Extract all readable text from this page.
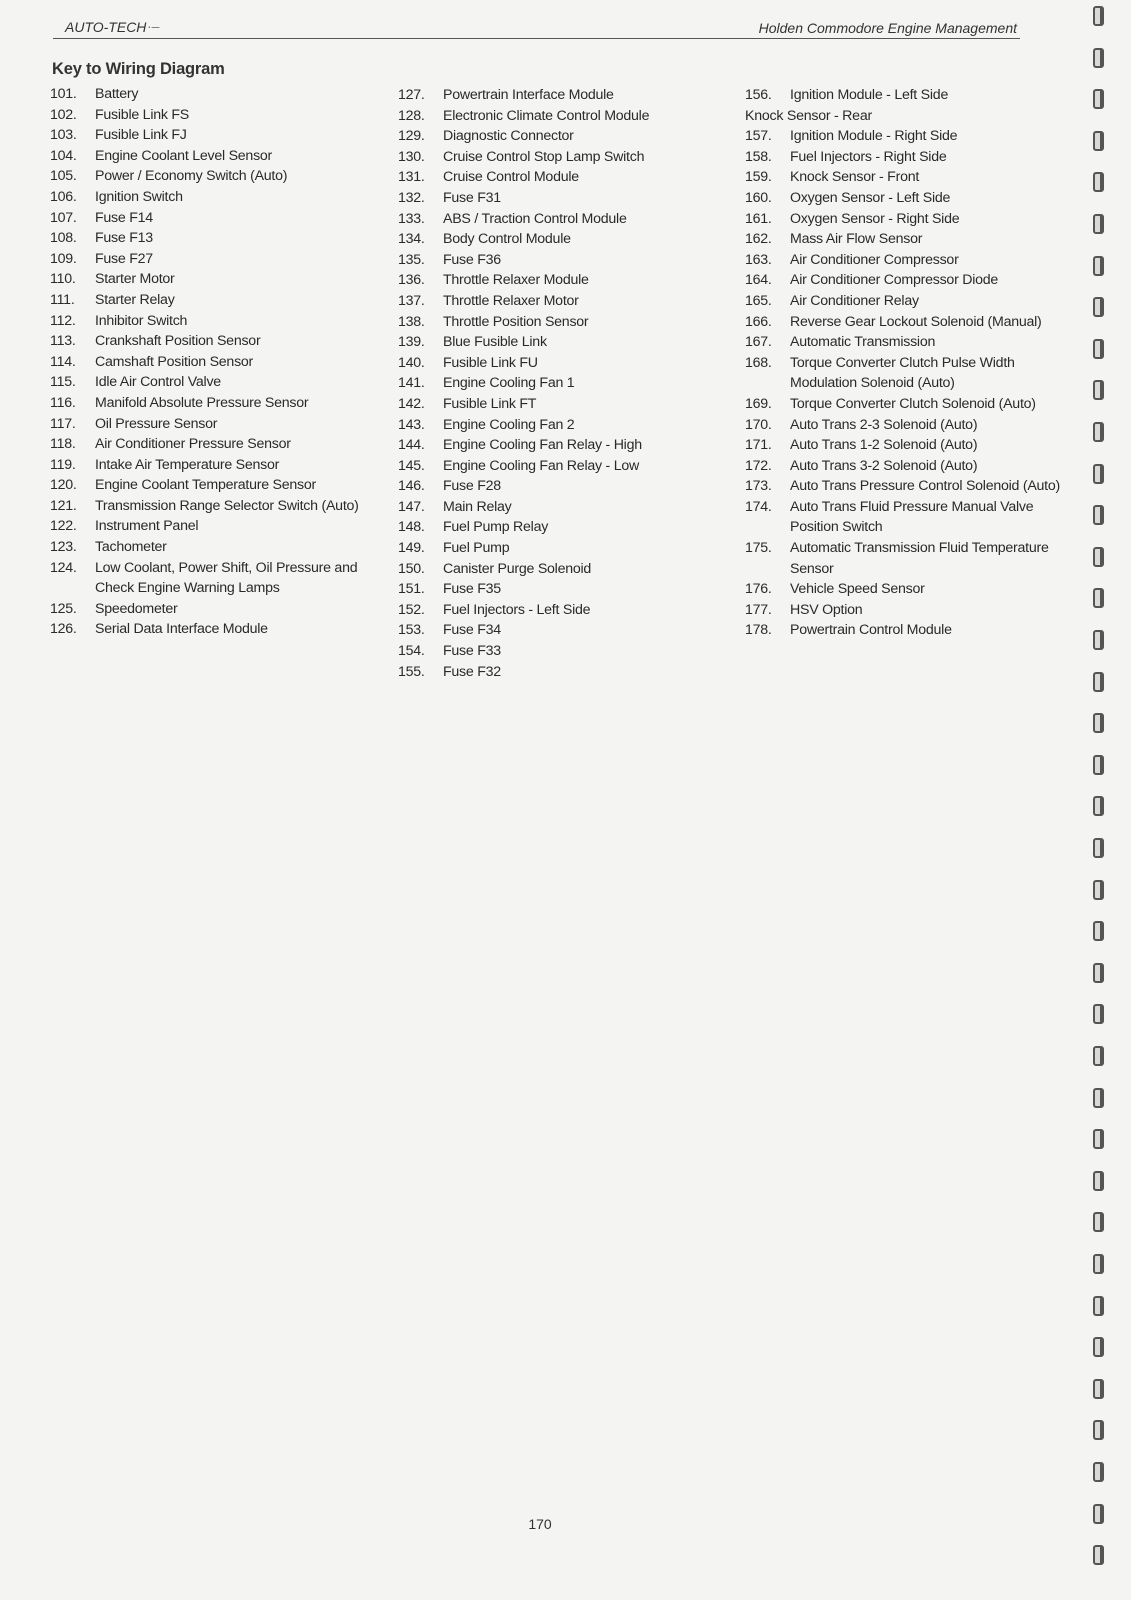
AUTO-TECH ·–	Holden Commodore Engine Management
Key to Wiring Diagram
101.	Battery
102.	Fusible Link FS
103.	Fusible Link FJ
104.	Engine Coolant Level Sensor
105.	Power / Economy Switch (Auto)
106.	Ignition Switch
107.	Fuse F14
108.	Fuse F13
109.	Fuse F27
110.	Starter Motor
111.	Starter Relay
112.	Inhibitor Switch
113.	Crankshaft Position Sensor
114.	Camshaft Position Sensor
115.	Idle Air Control Valve
116.	Manifold Absolute Pressure Sensor
117.	Oil Pressure Sensor
118.	Air Conditioner Pressure Sensor
119.	Intake Air Temperature Sensor
120.	Engine Coolant Temperature Sensor
121.	Transmission Range Selector Switch (Auto)
122.	Instrument Panel
123.	Tachometer
124.	Low Coolant, Power Shift, Oil Pressure and Check Engine Warning Lamps
125.	Speedometer
126.	Serial Data Interface Module
127.	Powertrain Interface Module
128.	Electronic Climate Control Module
129.	Diagnostic Connector
130.	Cruise Control Stop Lamp Switch
131.	Cruise Control Module
132.	Fuse F31
133.	ABS / Traction Control Module
134.	Body Control Module
135.	Fuse F36
136.	Throttle Relaxer Module
137.	Throttle Relaxer Motor
138.	Throttle Position Sensor
139.	Blue Fusible Link
140.	Fusible Link FU
141.	Engine Cooling Fan 1
142.	Fusible Link FT
143.	Engine Cooling Fan 2
144.	Engine Cooling Fan Relay - High
145.	Engine Cooling Fan Relay - Low
146.	Fuse F28
147.	Main Relay
148.	Fuel Pump Relay
149.	Fuel Pump
150.	Canister Purge Solenoid
151.	Fuse F35
152.	Fuel Injectors - Left Side
153.	Fuse F34
154.	Fuse F33
155.	Fuse F32
156.	Ignition Module - Left Side
Knock Sensor - Rear
157.	Ignition Module - Right Side
158.	Fuel Injectors - Right Side
159.	Knock Sensor - Front
160.	Oxygen Sensor - Left Side
161.	Oxygen Sensor - Right Side
162.	Mass Air Flow Sensor
163.	Air Conditioner Compressor
164.	Air Conditioner Compressor Diode
165.	Air Conditioner Relay
166.	Reverse Gear Lockout Solenoid (Manual)
167.	Automatic Transmission
168.	Torque Converter Clutch Pulse Width Modulation Solenoid (Auto)
169.	Torque Converter Clutch Solenoid (Auto)
170.	Auto Trans 2-3 Solenoid (Auto)
171.	Auto Trans 1-2 Solenoid (Auto)
172.	Auto Trans 3-2 Solenoid (Auto)
173.	Auto Trans Pressure Control Solenoid (Auto)
174.	Auto Trans Fluid Pressure Manual Valve Position Switch
175.	Automatic Transmission Fluid Temperature Sensor
176.	Vehicle Speed Sensor
177.	HSV Option
178.	Powertrain Control Module
170
